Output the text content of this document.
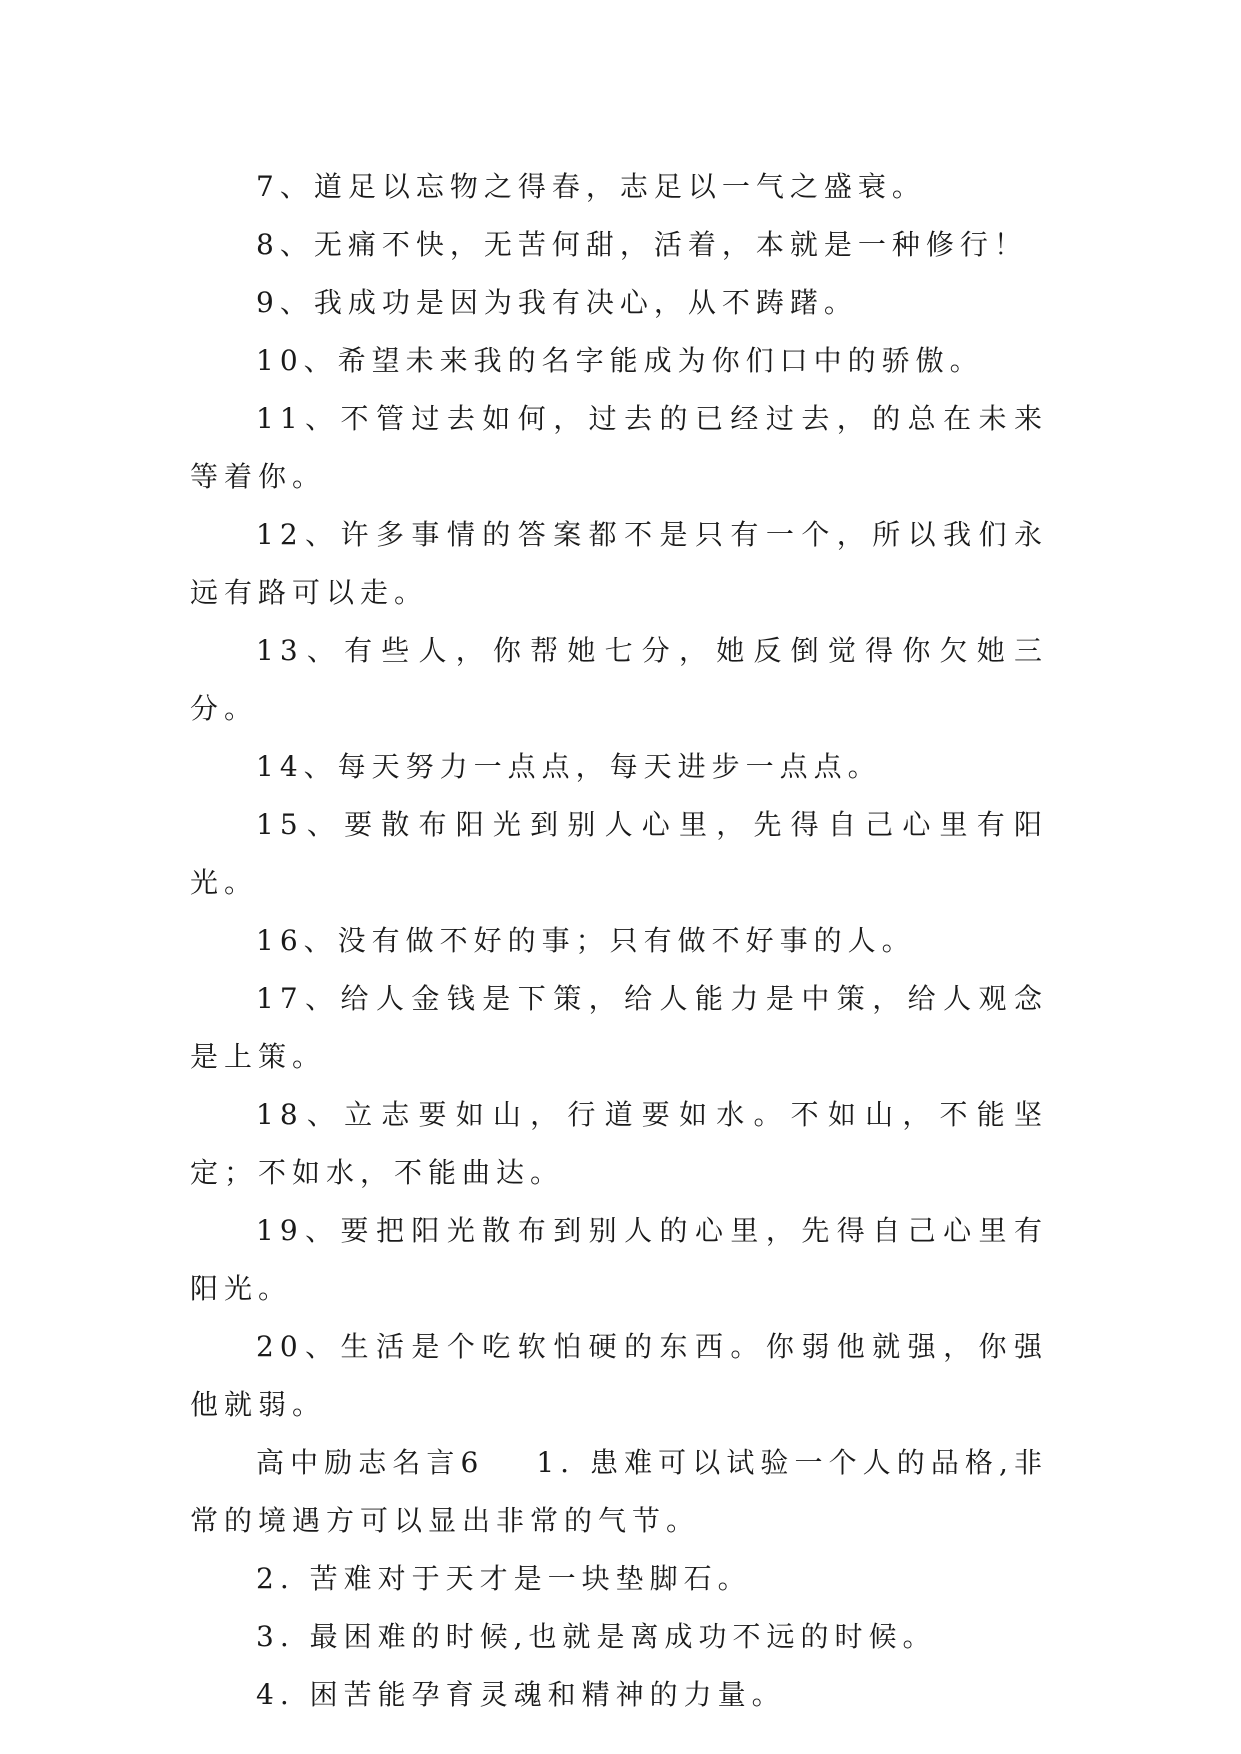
7、道足以忘物之得春，志足以一气之盛衰。

8、无痛不快，无苦何甜，活着，本就是一种修行！

9、我成功是因为我有决心，从不踌躇。

10、希望未来我的名字能成为你们口中的骄傲。

11、不管过去如何，过去的已经过去，的总在未来等着你。

12、许多事情的答案都不是只有一个，所以我们永远有路可以走。

13、有些人，你帮她七分，她反倒觉得你欠她三分。

14、每天努力一点点，每天进步一点点。

15、要散布阳光到别人心里，先得自己心里有阳光。

16、没有做不好的事；只有做不好事的人。

17、给人金钱是下策，给人能力是中策，给人观念是上策。

18、立志要如山，行道要如水。不如山，不能坚定；不如水，不能曲达。

19、要把阳光散布到别人的心里，先得自己心里有阳光。

20、生活是个吃软怕硬的东西。你弱他就强，你强他就弱。

高中励志名言6 1. 患难可以试验一个人的品格,非常的境遇方可以显出非常的气节。

2. 苦难对于天才是一块垫脚石。

3. 最困难的时候,也就是离成功不远的时候。

4. 困苦能孕育灵魂和精神的力量。
